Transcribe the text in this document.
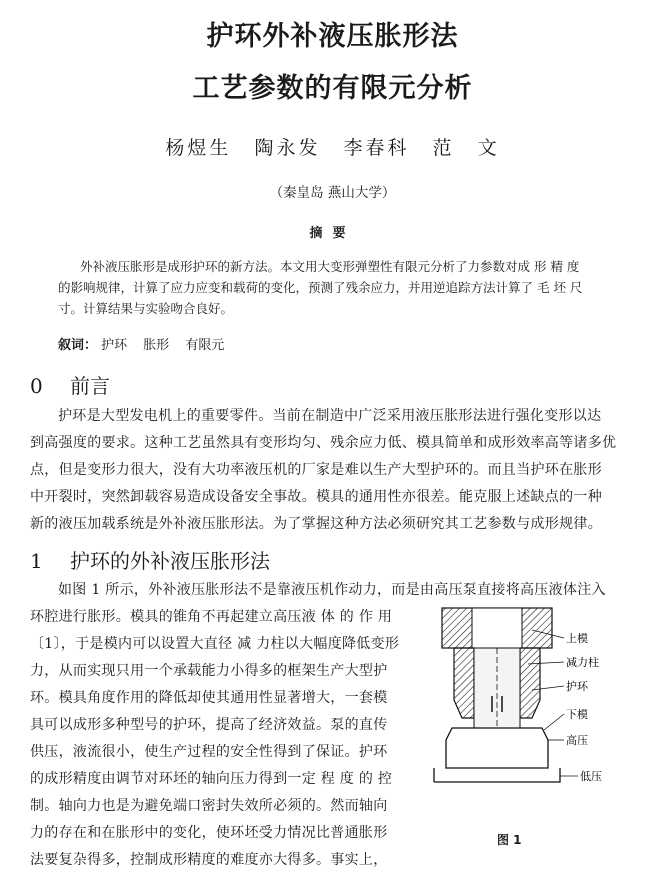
护环外补液压胀形法
工艺参数的有限元分析
杨煜生 陶永发 李春科 范 文
（秦皇岛 燕山大学）
摘要
外补液压胀形是成形护环的新方法。本文用大变形弹塑性有限元分析了力参数对成 形 精 度
的影响规律，计算了应力应变和载荷的变化，预测了残余应力，并用逆追踪方法计算了 毛 坯 尺
寸。计算结果与实验吻合良好。
叙词： 护环 胀形 有限元
0 前言
护环是大型发电机上的重要零件。当前在制造中广泛采用液压胀形法进行强化变形以达
到高强度的要求。这种工艺虽然具有变形均匀、残余应力低、模具简单和成形效率高等诸多优
点，但是变形力很大，没有大功率液压机的厂家是难以生产大型护环的。而且当护环在胀形
中开裂时，突然卸载容易造成设备安全事故。模具的通用性亦很差。能克服上述缺点的一种
新的液压加载系统是外补液压胀形法。为了掌握这种方法必须研究其工艺参数与成形规律。
1 护环的外补液压胀形法
如图 1 所示，外补液压胀形法不是靠液压机作动力，而是由高压泵直接将高压液体注入
环腔进行胀形。模具的锥角不再起建立高压液 体 的 作 用
〔1〕，于是模内可以设置大直径 减 力柱以大幅度降低变形
力，从而实现只用一个承载能力小得多的框架生产大型护
环。模具角度作用的降低却使其通用性显著增大，一套模
具可以成形多种型号的护环，提高了经济效益。泵的直传
供压，液流很小，使生产过程的安全性得到了保证。护环
的成形精度由调节对环坯的轴向压力得到一定 程 度 的 控
制。轴向力也是为避免端口密封失效所必须的。然而轴向
力的存在和在胀形中的变化，使环坯受力情况比普通胀形
法要复杂得多，控制成形精度的难度亦大得多。事实上，
上模
减力柱
护环
下模
高压
低压
图 1
